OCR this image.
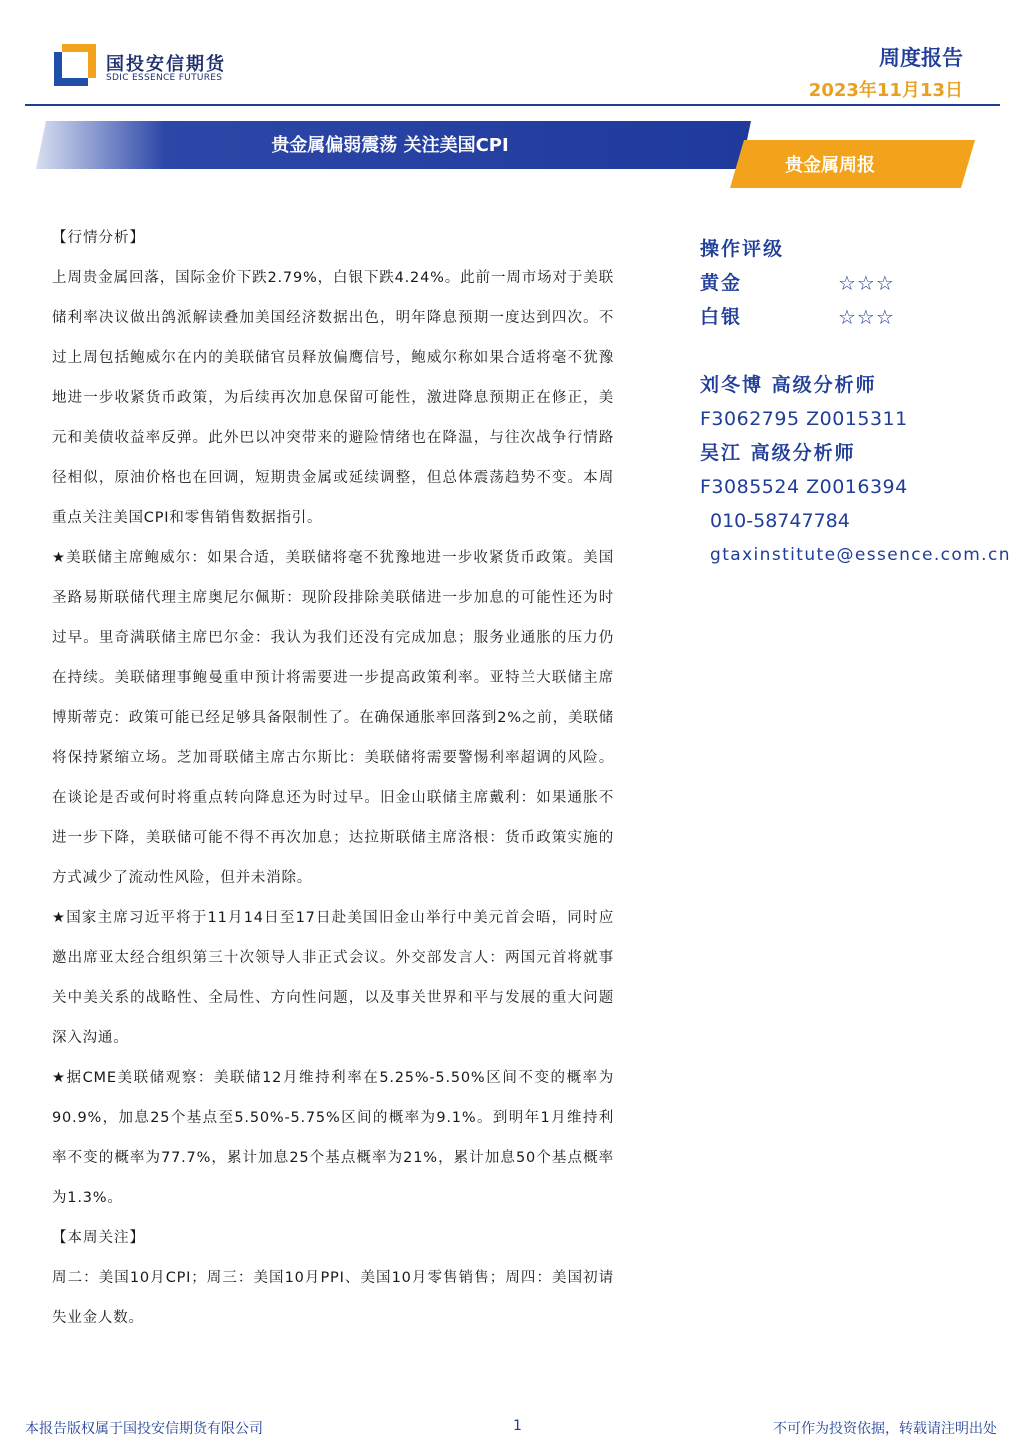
国投安信期货
SDIC ESSENCE FUTURES
周度报告
2023年11月13日
贵金属偏弱震荡 关注美国CPI
贵金属周报

【行情分析】

上周贵金属回落，国际金价下跌2.79%，白银下跌4.24%。此前一周市场对于美联储利率决议做出鸽派解读叠加美国经济数据出色，明年降息预期一度达到四次。不过上周包括鲍威尔在内的美联储官员释放偏鹰信号，鲍威尔称如果合适将毫不犹豫地进一步收紧货币政策，为后续再次加息保留可能性，激进降息预期正在修正，美元和美债收益率反弹。此外巴以冲突带来的避险情绪也在降温，与往次战争行情路径相似，原油价格也在回调，短期贵金属或延续调整，但总体震荡趋势不变。本周重点关注美国CPI和零售销售数据指引。

★美联储主席鲍威尔：如果合适，美联储将毫不犹豫地进一步收紧货币政策。美国圣路易斯联储代理主席奥尼尔佩斯：现阶段排除美联储进一步加息的可能性还为时过早。里奇满联储主席巴尔金：我认为我们还没有完成加息；服务业通胀的压力仍在持续。美联储理事鲍曼重申预计将需要进一步提高政策利率。亚特兰大联储主席博斯蒂克：政策可能已经足够具备限制性了。在确保通胀率回落到2%之前，美联储将保持紧缩立场。芝加哥联储主席古尔斯比：美联储将需要警惕利率超调的风险。在谈论是否或何时将重点转向降息还为时过早。旧金山联储主席戴利：如果通胀不进一步下降，美联储可能不得不再次加息；达拉斯联储主席洛根：货币政策实施的方式减少了流动性风险，但并未消除。

★国家主席习近平将于11月14日至17日赴美国旧金山举行中美元首会晤，同时应邀出席亚太经合组织第三十次领导人非正式会议。外交部发言人：两国元首将就事关中美关系的战略性、全局性、方向性问题，以及事关世界和平与发展的重大问题深入沟通。

★据CME美联储观察：美联储12月维持利率在5.25%-5.50%区间不变的概率为90.9%，加息25个基点至5.50%-5.75%区间的概率为9.1%。到明年1月维持利率不变的概率为77.7%，累计加息25个基点概率为21%，累计加息50个基点概率为1.3%。

【本周关注】

周二：美国10月CPI；周三：美国10月PPI、美国10月零售销售；周四：美国初请失业金人数。

操作评级
黄金	☆☆☆
白银	☆☆☆
刘冬博 高级分析师
F3062795 Z0015311
吴江 高级分析师
F3085524 Z0016394
010-58747784
gtaxinstitute@essence.com.cn
本报告版权属于国投安信期货有限公司	1	不可作为投资依据，转载请注明出处
